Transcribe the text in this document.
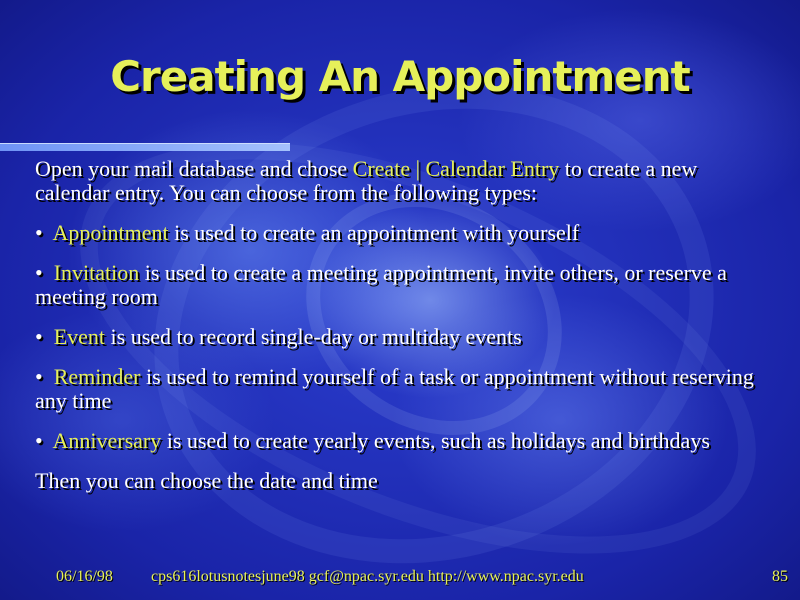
Creating An Appointment

Open your mail database and chose Create | Calendar Entry to create a new calendar entry. You can choose from the following types:

• Appointment is used to create an appointment with yourself

• Invitation is used to create a meeting appointment, invite others, or reserve a meeting room

• Event is used to record single-day or multiday events

• Reminder is used to remind yourself of a task or appointment without reserving any time

• Anniversary is used to create yearly events, such as holidays and birthdays

Then you can choose the date and time

06/16/98 cps616lotusnotesjune98 gcf@npac.syr.edu http://www.npac.syr.edu	85
